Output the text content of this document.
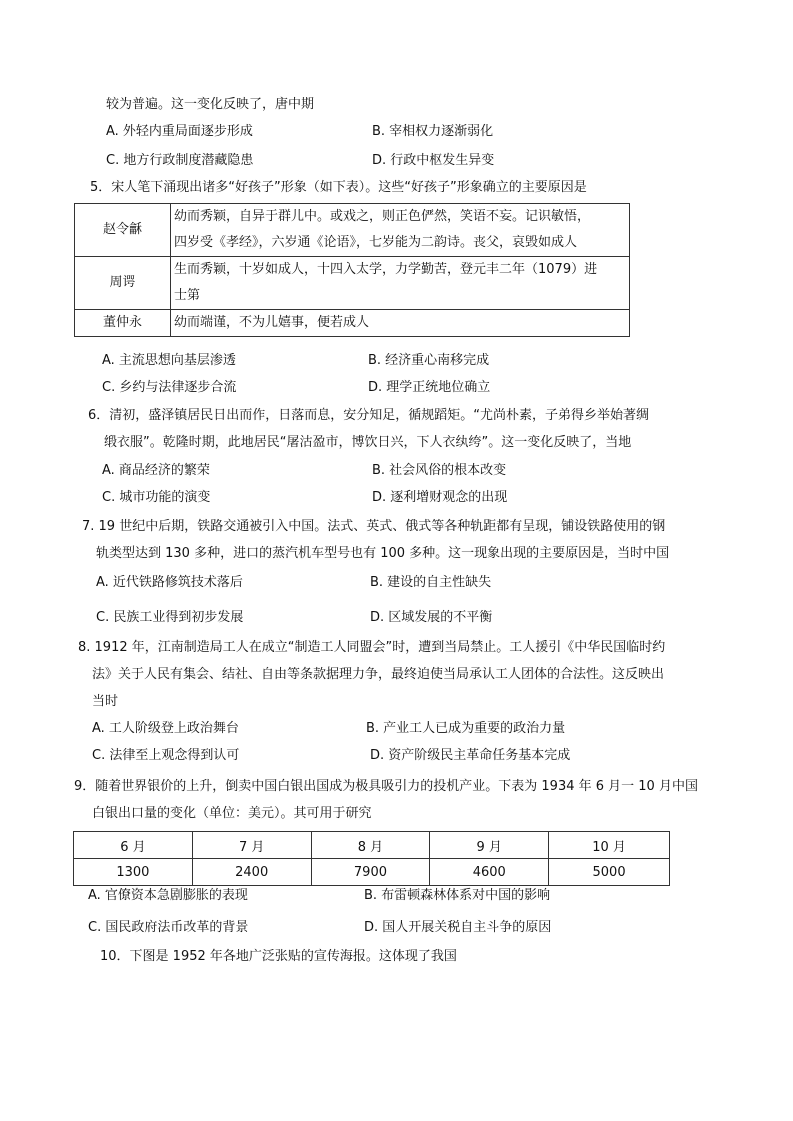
较为普遍。这一变化反映了，唐中期
A. 外轻内重局面逐步形成	B. 宰相权力逐渐弱化
C. 地方行政制度潜藏隐患	D. 行政中枢发生异变
5．宋人笔下涌现出诸多“好孩子”形象（如下表）。这些“好孩子”形象确立的主要原因是
赵令龢	幼而秀颖，自异于群儿中。或戏之，则正色俨然，笑语不妄。记识敏悟，
四岁受《孝经》，六岁通《论语》，七岁能为二韵诗。丧父，哀毁如成人

周谔	生而秀颖，十岁如成人，十四入太学，力学勤苦，登元丰二年（1079）进
士第

董仲永	幼而端谨，不为儿嬉事，便若成人
A. 主流思想向基层渗透	B. 经济重心南移完成
C. 乡约与法律逐步合流	D. 理学正统地位确立
6．清初，盛泽镇居民日出而作，日落而息，安分知足，循规蹈矩。“尤尚朴素，子弟得乡举始著绸
缎衣服”。乾隆时期，此地居民“屠沽盈市，博饮日兴，下人衣纨绔”。这一变化反映了，当地
A. 商品经济的繁荣	B. 社会风俗的根本改变
C. 城市功能的演变	D. 逐利增财观念的出现
7. 19 世纪中后期，铁路交通被引入中国。法式、英式、俄式等各种轨距都有呈现，铺设铁路使用的钢
轨类型达到 130 多种，进口的蒸汽机车型号也有 100 多种。这一现象出现的主要原因是，当时中国
A. 近代铁路修筑技术落后	B. 建设的自主性缺失
C. 民族工业得到初步发展	D. 区域发展的不平衡
8. 1912 年，江南制造局工人在成立“制造工人同盟会”时，遭到当局禁止。工人援引《中华民国临时约
法》关于人民有集会、结社、自由等条款据理力争，最终迫使当局承认工人团体的合法性。这反映出
当时
A. 工人阶级登上政治舞台	B. 产业工人已成为重要的政治力量
C. 法律至上观念得到认可	D. 资产阶级民主革命任务基本完成
9．随着世界银价的上升，倒卖中国白银出国成为极具吸引力的投机产业。下表为 1934 年 6 月一 10 月中国
白银出口量的变化（单位：美元）。其可用于研究
6 月	7 月	8 月	9 月	10 月
1300	2400	7900	4600	5000
A. 官僚资本急剧膨胀的表现	B. 布雷顿森林体系对中国的影响
C. 国民政府法币改革的背景	D. 国人开展关税自主斗争的原因
10．下图是 1952 年各地广泛张贴的宣传海报。这体现了我国
